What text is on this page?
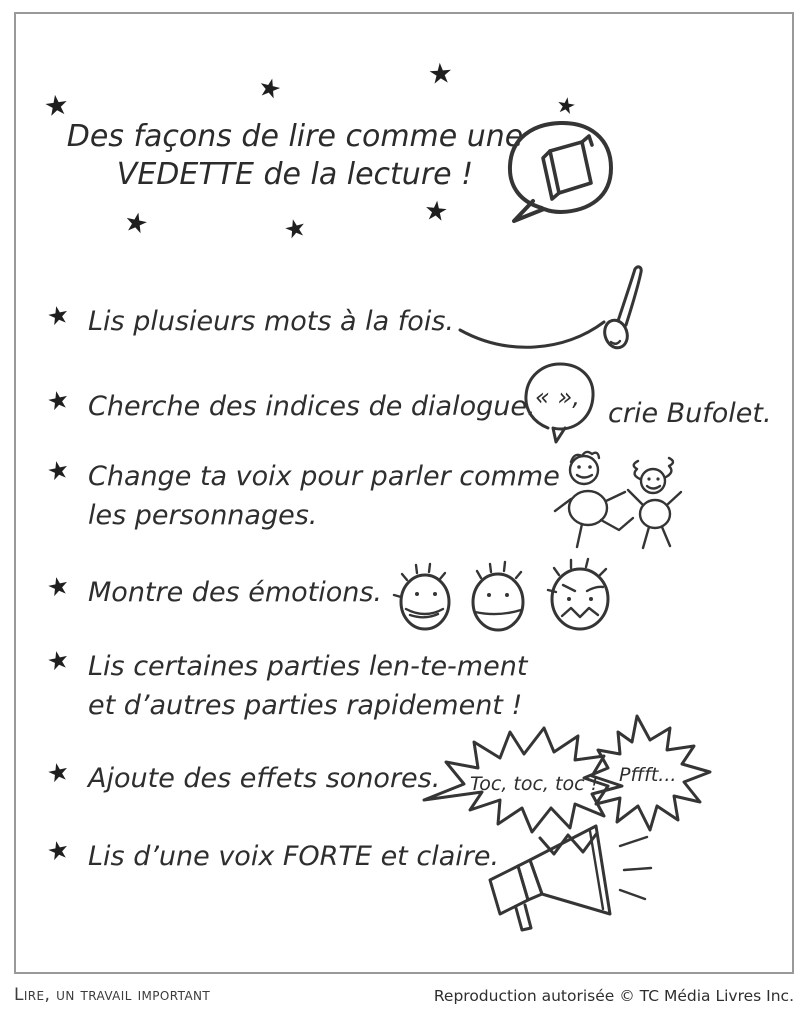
★	★	★
★
★	★
★
Des façons de lire comme une
VEDETTE de la lecture !
★ Lis plusieurs mots à la fois.
★ Cherche des indices de dialogue. « »,
crie Bufolet.
★ Change ta voix pour parler comme
les personnages.
★ Montre des émotions.
★ Lis certaines parties len-te-ment
et d’autres parties rapidement !
★ Ajoute des effets sonores. Toc, toc, toc ! Pffft...
★ Lis d’une voix FORTE et claire.
Lire, un travail important	Reproduction autorisée © TC Média Livres Inc.
